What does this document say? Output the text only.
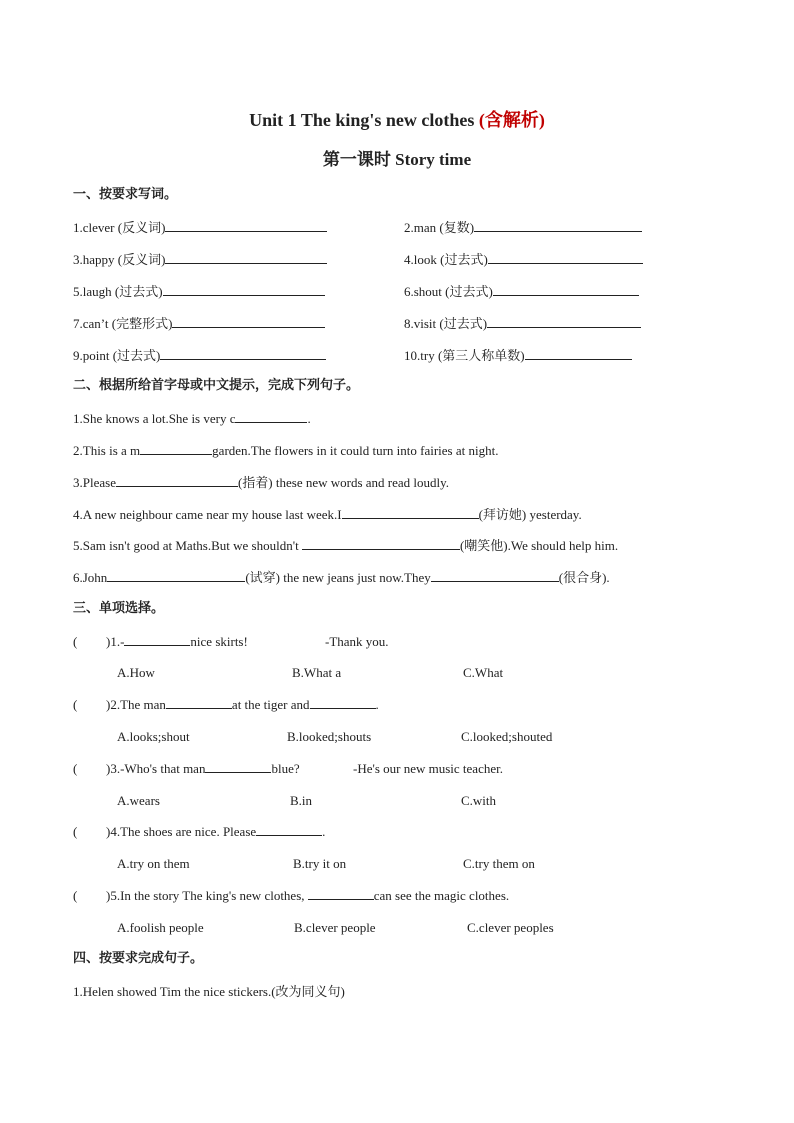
Unit 1 The king's new clothes (含解析)
第一课时 Story time
一、按要求写词。
1.clever (反义词)	2.man (复数)
3.happy (反义词)	4.look (过去式)
5.laugh (过去式)	6.shout (过去式)
7.can’t (完整形式)	8.visit (过去式)
9.point (过去式)	10.try (第三人称单数)
二、根据所给首字母或中文提示，完成下列句子。
1.She knows a lot.She is very c	.
2.This is a m	garden.The flowers in it could turn into fairies at night.
3.Please	(指着) these new words and read loudly.
4.A new neighbour came near my house last week.I	(拜访她) yesterday.
5.Sam isn't good at Maths.But we shouldn't	(嘲笑他).We should help him.
6.John	(试穿) the new jeans just now.They	(很合身).
三、单项选择。
( )1.-	nice skirts!	-Thank you.
A.How	B.What a	C.What
( )2.The man	at the tiger and	.
A.looks;shout	B.looked;shouts	C.looked;shouted
( )3.-Who's that man	blue?	-He's our new music teacher.
A.wears	B.in	C.with
( )4.The shoes are nice. Please	.
A.try on them	B.try it on	C.try them on
( )5.In the story The king's new clothes,	can see the magic clothes.
A.foolish people	B.clever people	C.clever peoples
四、按要求完成句子。
1.Helen showed Tim the nice stickers.(改为同义句)
